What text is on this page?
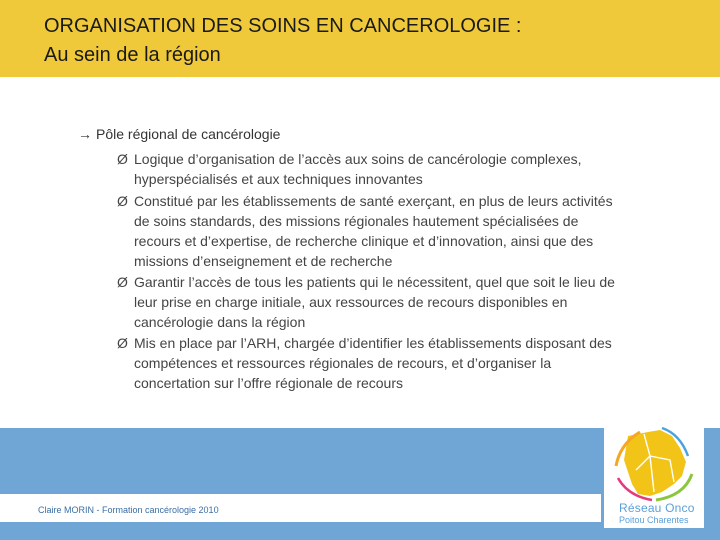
ORGANISATION DES SOINS EN CANCEROLOGIE :
Au sein de la région
→ Pôle régional de cancérologie
Ø Logique d’organisation de l’accès aux soins de cancérologie complexes,
hyperspécialisés et aux techniques innovantes
Ø Constitué par les établissements de santé exerçant, en plus de leurs activités
de soins standards, des missions régionales hautement spécialisées de
recours et d’expertise, de recherche clinique et d’innovation, ainsi que des
missions d’enseignement et de recherche
Ø Garantir l’accès de tous les patients qui le nécessitent, quel que soit le lieu de
leur prise en charge initiale, aux ressources de recours disponibles en
cancérologie dans la région
Ø Mis en place par l’ARH, chargée d’identifier les établissements disposant des
compétences et ressources régionales de recours, et d’organiser la
concertation sur l’offre régionale de recours
Claire MORIN - Formation cancérologie 2010	Réseau Onco
Poitou Charentes
